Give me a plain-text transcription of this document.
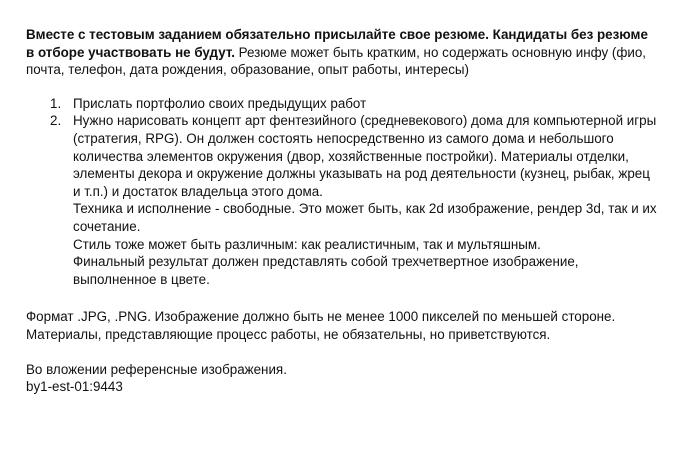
Вместе с тестовым заданием обязательно присылайте свое резюме. Кандидаты без резюме в отборе участвовать не будут. Резюме может быть кратким, но содержать основную инфу (фио, почта, телефон, дата рождения, образование, опыт работы, интересы)

1. Прислать портфолио своих предыдущих работ

2. Нужно нарисовать концепт арт фентезийного (средневекового) дома для компьютерной игры (стратегия, RPG). Он должен состоять непосредственно из самого дома и небольшого количества элементов окружения (двор, хозяйственные постройки). Материалы отделки, элементы декора и окружение должны указывать на род деятельности (кузнец, рыбак, жрец и т.п.) и достаток владельца этого дома.

Техника и исполнение - свободные. Это может быть, как 2d изображение, рендер 3d, так и их сочетание.

Стиль тоже может быть различным: как реалистичным, так и мультяшным.

Финальный результат должен представлять собой трехчетвертное изображение, выполненное в цвете.

Формат .JPG, .PNG. Изображение должно быть не менее 1000 пикселей по меньшей стороне.
Материалы, представляющие процесс работы, не обязательны, но приветствуются.

Во вложении референсные изображения.
by1-est-01:9443
